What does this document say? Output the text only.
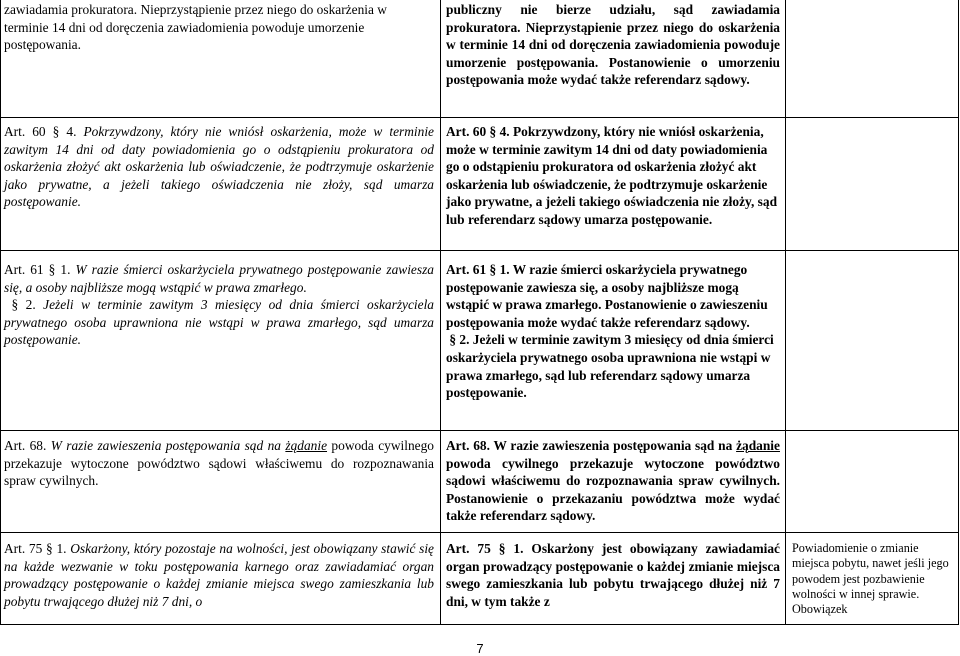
zawiadamia prokuratora. Nieprzystąpienie przez niego do oskarżenia w terminie 14 dni od doręczenia zawiadomienia powoduje umorzenie postępowania.

publiczny nie bierze udziału, sąd zawiadamia prokuratora. Nieprzystąpienie przez niego do oskarżenia w terminie 14 dni od doręczenia zawiadomienia powoduje umorzenie postępowania. Postanowienie o umorzeniu postępowania może wydać także referendarz sądowy.

Art. 60 § 4. Pokrzywdzony, który nie wniósł oskarżenia, może w terminie zawitym 14 dni od daty powiadomienia go o odstąpieniu prokuratora od oskarżenia złożyć akt oskarżenia lub oświadczenie, że podtrzymuje oskarżenie jako prywatne, a jeżeli takiego oświadczenia nie złoży, sąd umarza postępowanie.

Art. 60 § 4. Pokrzywdzony, który nie wniósł oskarżenia, może w terminie zawitym 14 dni od daty powiadomienia go o odstąpieniu prokuratora od oskarżenia złożyć akt oskarżenia lub oświadczenie, że podtrzymuje oskarżenie jako prywatne, a jeżeli takiego oświadczenia nie złoży, sąd lub referendarz sądowy umarza postępowanie.

Art. 61 § 1. W razie śmierci oskarżyciela prywatnego postępowanie zawiesza się, a osoby najbliższe mogą wstąpić w prawa zmarłego.
§ 2. Jeżeli w terminie zawitym 3 miesięcy od dnia śmierci oskarżyciela prywatnego osoba uprawniona nie wstąpi w prawa zmarłego, sąd umarza postępowanie.

Art. 61 § 1. W razie śmierci oskarżyciela prywatnego postępowanie zawiesza się, a osoby najbliższe mogą wstąpić w prawa zmarłego. Postanowienie o zawieszeniu postępowania może wydać także referendarz sądowy.
§ 2. Jeżeli w terminie zawitym 3 miesięcy od dnia śmierci oskarżyciela prywatnego osoba uprawniona nie wstąpi w prawa zmarłego, sąd lub referendarz sądowy umarza postępowanie.

Art. 68. W razie zawieszenia postępowania sąd na żądanie powoda cywilnego przekazuje wytoczone powództwo sądowi właściwemu do rozpoznawania spraw cywilnych.

Art. 68. W razie zawieszenia postępowania sąd na żądanie powoda cywilnego przekazuje wytoczone powództwo sądowi właściwemu do rozpoznawania spraw cywilnych. Postanowienie o przekazaniu powództwa może wydać także referendarz sądowy.

Art. 75 § 1. Oskarżony, który pozostaje na wolności, jest obowiązany stawić się na każde wezwanie w toku postępowania karnego oraz zawiadamiać organ prowadzący postępowanie o każdej zmianie miejsca swego zamieszkania lub pobytu trwającego dłużej niż 7 dni, o

Art. 75 § 1. Oskarżony jest obowiązany zawiadamiać organ prowadzący postępowanie o każdej zmianie miejsca swego zamieszkania lub pobytu trwającego dłużej niż 7 dni, w tym także z

Powiadomienie o zmianie miejsca pobytu, nawet jeśli jego powodem jest pozbawienie wolności w innej sprawie. Obowiązek

7
